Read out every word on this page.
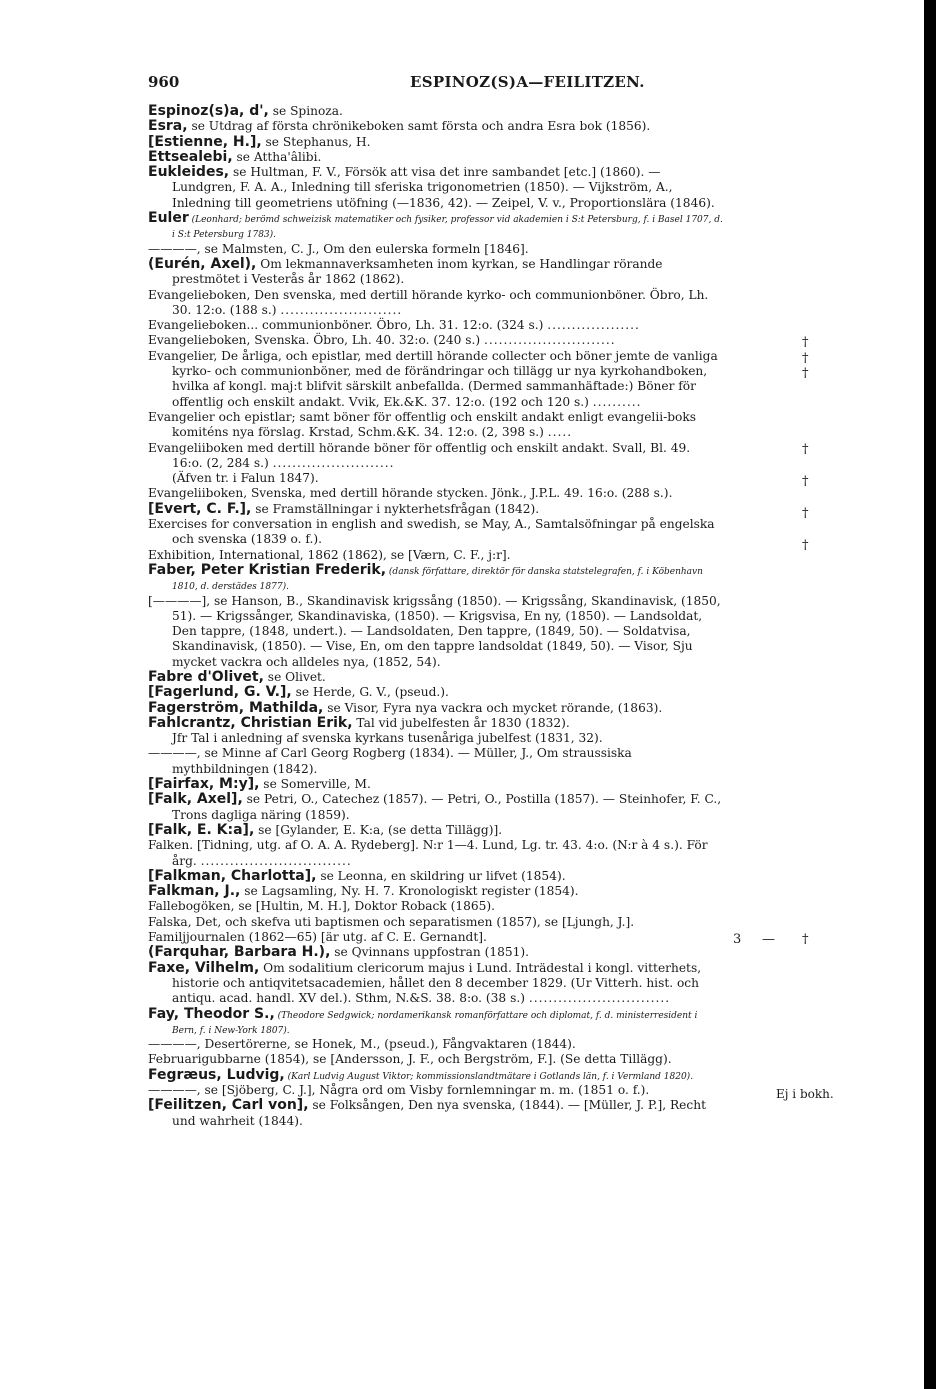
960	ESPINOZ(S)A—FEILITZEN.

Espinoz(s)a, d', se Spinoza.

Esra, se Utdrag af första chrönikeboken samt första och andra Esra bok (1856).

[Estienne, H.], se Stephanus, H.

Ettsealebi, se Attha'âlibi.

Eukleides, se Hultman, F. V., Försök att visa det inre sambandet [etc.] (1860). — Lundgren, F. A. A., Inledning till sferiska trigonometrien (1850). — Vijkström, A., Inledning till geometriens utöfning (—1836, 42). — Zeipel, V. v., Proportionslära (1846).

Euler (Leonhard; berömd schweizisk matematiker och fysiker, professor vid akademien i S:t Petersburg, f. i Basel 1707, d. i S:t Petersburg 1783).

————, se Malmsten, C. J., Om den eulerska formeln [1846].

(Eurén, Axel), Om lekmannaverksamheten inom kyrkan, se Handlingar rörande prestmötet i Vesterås år 1862 (1862).

Evangelieboken, Den svenska, med dertill hörande kyrko- och communionböner. Öbro, Lh. 30. 12:o. (188 s.) .........................

Evangelieboken... communionböner. Öbro, Lh. 31. 12:o. (324 s.) ...................

Evangelieboken, Svenska. Öbro, Lh. 40. 32:o. (240 s.) ...........................

Evangelier, De årliga, och epistlar, med dertill hörande collecter och böner jemte de vanliga kyrko- och communionböner, med de förändringar och tillägg ur nya kyrkohandboken, hvilka af kongl. maj:t blifvit särskilt anbefallda. (Dermed sammanhäftade:) Böner för offentlig och enskilt andakt. Vvik, Ek.&K. 37. 12:o. (192 och 120 s.) ..........

Evangelier och epistlar; samt böner för offentlig och enskilt andakt enligt evangelii-boks komiténs nya förslag. Krstad, Schm.&K. 34. 12:o. (2, 398 s.) .....

Evangeliiboken med dertill hörande böner för offentlig och enskilt andakt. Svall, Bl. 49. 16:o. (2, 284 s.) .........................

(Äfven tr. i Falun 1847).

Evangeliiboken, Svenska, med dertill hörande stycken. Jönk., J.P.L. 49. 16:o. (288 s.).

[Evert, C. F.], se Framställningar i nykterhetsfrågan (1842).

Exercises for conversation in english and swedish, se May, A., Samtalsöfningar på engelska och svenska (1839 o. f.).

Exhibition, International, 1862 (1862), se [Værn, C. F., j:r].

Faber, Peter Kristian Frederik, (dansk författare, direktör för danska statstelegrafen, f. i Köbenhavn 1810, d. derstädes 1877).

[————], se Hanson, B., Skandinavisk krigssång (1850). — Krigssång, Skandinavisk, (1850, 51). — Krigssånger, Skandinaviska, (1850). — Krigsvisa, En ny, (1850). — Landsoldat, Den tappre, (1848, undert.). — Landsoldaten, Den tappre, (1849, 50). — Soldatvisa, Skandinavisk, (1850). — Vise, En, om den tappre landsoldat (1849, 50). — Visor, Sju mycket vackra och alldeles nya, (1852, 54).

Fabre d'Olivet, se Olivet.

[Fagerlund, G. V.], se Herde, G. V., (pseud.).

Fagerström, Mathilda, se Visor, Fyra nya vackra och mycket rörande, (1863).

Fahlcrantz, Christian Erik, Tal vid jubelfesten år 1830 (1832).

Jfr Tal i anledning af svenska kyrkans tusenåriga jubelfest (1831, 32).

————, se Minne af Carl Georg Rogberg (1834). — Müller, J., Om straussiska mythbildningen (1842).

[Fairfax, M:y], se Somerville, M.

[Falk, Axel], se Petri, O., Catechez (1857). — Petri, O., Postilla (1857). — Steinhofer, F. C., Trons dagliga näring (1859).

[Falk, E. K:a], se [Gylander, E. K:a, (se detta Tillägg)].

Falken. [Tidning, utg. af O. A. A. Rydeberg]. N:r 1—4. Lund, Lg. tr. 43. 4:o. (N:r à 4 s.). För årg. ...............................

[Falkman, Charlotta], se Leonna, en skildring ur lifvet (1854).

Falkman, J., se Lagsamling, Ny. H. 7. Kronologiskt register (1854).

Fallebogöken, se [Hultin, M. H.], Doktor Roback (1865).

Falska, Det, och skefva uti baptismen och separatismen (1857), se [Ljungh, J.].

Familjjournalen (1862—65) [är utg. af C. E. Gernandt].

(Farquhar, Barbara H.), se Qvinnans uppfostran (1851).

Faxe, Vilhelm, Om sodalitium clericorum majus i Lund. Inträdestal i kongl. vitterhets, historie och antiqvitetsacademien, hållet den 8 december 1829. (Ur Vitterh. hist. och antiqu. acad. handl. XV del.). Sthm, N.&S. 38. 8:o. (38 s.) .............................

Fay, Theodor S., (Theodore Sedgwick; nordamerikansk romanförfattare och diplomat, f. d. ministerresident i Bern, f. i New-York 1807).

————, Desertörerne, se Honek, M., (pseud.), Fångvaktaren (1844).

Februarigubbarne (1854), se [Andersson, J. F., och Bergström, F.]. (Se detta Tillägg).

Fegræus, Ludvig, (Karl Ludvig August Viktor; kommissionslandtmätare i Gotlands län, f. i Vermland 1820).

————, se [Sjöberg, C. J.], Några ord om Visby fornlemningar m. m. (1851 o. f.).

[Feilitzen, Carl von], se Folksången, Den nya svenska, (1844). — [Müller, J. P.], Recht und wahrheit (1844).

†
†
†
†
†
†
†
3 — †
Ej i bokh.
